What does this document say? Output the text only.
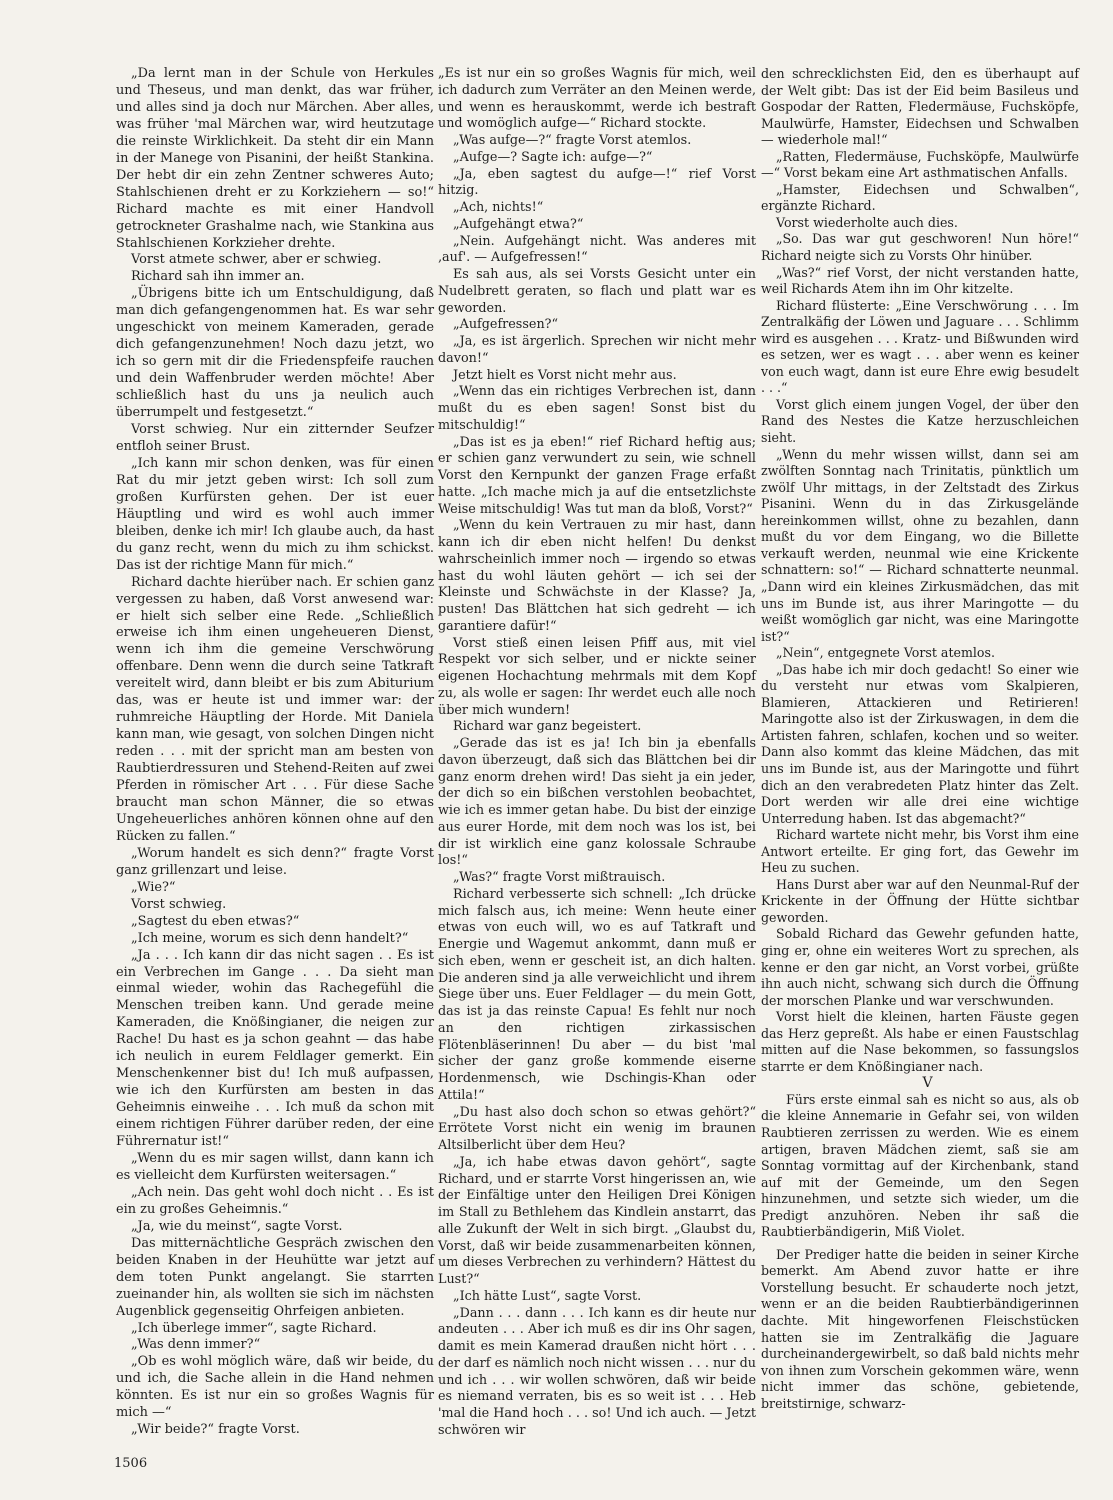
„Da lernt man in der Schule von Herkules und Theseus, und man denkt, das war früher, und alles sind ja doch nur Märchen. Aber alles, was früher 'mal Märchen war, wird heutzutage die reinste Wirklichkeit. Da steht dir ein Mann in der Manege von Pisanini, der heißt Stankina. Der hebt dir ein zehn Zentner schweres Auto; Stahlschienen dreht er zu Korkziehern — so!“ Richard machte es mit einer Handvoll getrockneter Grashalme nach, wie Stankina aus Stahlschienen Korkzieher drehte.

Vorst atmete schwer, aber er schwieg.

Richard sah ihn immer an.

„Übrigens bitte ich um Entschuldigung, daß man dich gefangengenommen hat. Es war sehr ungeschickt von meinem Kameraden, gerade dich gefangenzunehmen! Noch dazu jetzt, wo ich so gern mit dir die Friedenspfeife rauchen und dein Waffenbruder werden möchte! Aber schließlich hast du uns ja neulich auch überrumpelt und festgesetzt.“

Vorst schwieg. Nur ein zitternder Seufzer entfloh seiner Brust.

„Ich kann mir schon denken, was für einen Rat du mir jetzt geben wirst: Ich soll zum großen Kurfürsten gehen. Der ist euer Häuptling und wird es wohl auch immer bleiben, denke ich mir! Ich glaube auch, da hast du ganz recht, wenn du mich zu ihm schickst. Das ist der richtige Mann für mich.“

Richard dachte hierüber nach. Er schien ganz vergessen zu haben, daß Vorst anwesend war: er hielt sich selber eine Rede. „Schließlich erweise ich ihm einen ungeheueren Dienst, wenn ich ihm die gemeine Verschwörung offenbare. Denn wenn die durch seine Tatkraft vereitelt wird, dann bleibt er bis zum Abiturium das, was er heute ist und immer war: der ruhmreiche Häuptling der Horde. Mit Daniela kann man, wie gesagt, von solchen Dingen nicht reden . . . mit der spricht man am besten von Raubtierdressuren und Stehend-Reiten auf zwei Pferden in römischer Art . . . Für diese Sache braucht man schon Männer, die so etwas Ungeheuerliches anhören können ohne auf den Rücken zu fallen.“

„Worum handelt es sich denn?“ fragte Vorst ganz grillenzart und leise.

„Wie?“

Vorst schwieg.

„Sagtest du eben etwas?“

„Ich meine, worum es sich denn handelt?“

„Ja . . . Ich kann dir das nicht sagen . . Es ist ein Verbrechen im Gange . . . Da sieht man einmal wieder, wohin das Rachegefühl die Menschen treiben kann. Und gerade meine Kameraden, die Knößingianer, die neigen zur Rache! Du hast es ja schon geahnt — das habe ich neulich in eurem Feldlager gemerkt. Ein Menschenkenner bist du! Ich muß aufpassen, wie ich den Kurfürsten am besten in das Geheimnis einweihe . . . Ich muß da schon mit einem richtigen Führer darüber reden, der eine Führernatur ist!“

„Wenn du es mir sagen willst, dann kann ich es vielleicht dem Kurfürsten weitersagen.“

„Ach nein. Das geht wohl doch nicht . . Es ist ein zu großes Geheimnis.“

„Ja, wie du meinst“, sagte Vorst.

Das mitternächtliche Gespräch zwischen den beiden Knaben in der Heuhütte war jetzt auf dem toten Punkt angelangt. Sie starrten zueinander hin, als wollten sie sich im nächsten Augenblick gegenseitig Ohrfeigen anbieten.

„Ich überlege immer“, sagte Richard.

„Was denn immer?“

„Ob es wohl möglich wäre, daß wir beide, du und ich, die Sache allein in die Hand nehmen könnten. Es ist nur ein so großes Wagnis für mich —“

„Wir beide?“ fragte Vorst.

„Es ist nur ein so großes Wagnis für mich, weil ich dadurch zum Verräter an den Meinen werde, und wenn es herauskommt, werde ich bestraft und womöglich aufge—“ Richard stockte.

„Was aufge—?“ fragte Vorst atemlos.

„Aufge—? Sagte ich: aufge—?“

„Ja, eben sagtest du aufge—!“ rief Vorst hitzig.

„Ach, nichts!“

„Aufgehängt etwa?“

„Nein. Aufgehängt nicht. Was anderes mit ‚auf'. — Aufgefressen!“

Es sah aus, als sei Vorsts Gesicht unter ein Nudelbrett geraten, so flach und platt war es geworden.

„Aufgefressen?“

„Ja, es ist ärgerlich. Sprechen wir nicht mehr davon!“

Jetzt hielt es Vorst nicht mehr aus.

„Wenn das ein richtiges Verbrechen ist, dann mußt du es eben sagen! Sonst bist du mitschuldig!“

„Das ist es ja eben!“ rief Richard heftig aus; er schien ganz verwundert zu sein, wie schnell Vorst den Kernpunkt der ganzen Frage erfaßt hatte. „Ich mache mich ja auf die entsetzlichste Weise mitschuldig! Was tut man da bloß, Vorst?“

„Wenn du kein Vertrauen zu mir hast, dann kann ich dir eben nicht helfen! Du denkst wahrscheinlich immer noch — irgendo so etwas hast du wohl läuten gehört — ich sei der Kleinste und Schwächste in der Klasse? Ja, pusten! Das Blättchen hat sich gedreht — ich garantiere dafür!“

Vorst stieß einen leisen Pfiff aus, mit viel Respekt vor sich selber, und er nickte seiner eigenen Hochachtung mehrmals mit dem Kopf zu, als wolle er sagen: Ihr werdet euch alle noch über mich wundern!

Richard war ganz begeistert.

„Gerade das ist es ja! Ich bin ja ebenfalls davon überzeugt, daß sich das Blättchen bei dir ganz enorm drehen wird! Das sieht ja ein jeder, der dich so ein bißchen verstohlen beobachtet, wie ich es immer getan habe. Du bist der einzige aus eurer Horde, mit dem noch was los ist, bei dir ist wirklich eine ganz kolossale Schraube los!“

„Was?“ fragte Vorst mißtrauisch.

Richard verbesserte sich schnell: „Ich drücke mich falsch aus, ich meine: Wenn heute einer etwas von euch will, wo es auf Tatkraft und Energie und Wagemut ankommt, dann muß er sich eben, wenn er gescheit ist, an dich halten. Die anderen sind ja alle verweichlicht und ihrem Siege über uns. Euer Feldlager — du mein Gott, das ist ja das reinste Capua! Es fehlt nur noch an den richtigen zirkassischen Flötenbläserinnen! Du aber — du bist 'mal sicher der ganz große kommende eiserne Hordenmensch, wie Dschingis-Khan oder Attila!“

„Du hast also doch schon so etwas gehört?“ Errötete Vorst nicht ein wenig im braunen Altsilberlicht über dem Heu?

„Ja, ich habe etwas davon gehört“, sagte Richard, und er starrte Vorst hingerissen an, wie der Einfältige unter den Heiligen Drei Königen im Stall zu Bethlehem das Kindlein anstarrt, das alle Zukunft der Welt in sich birgt. „Glaubst du, Vorst, daß wir beide zusammenarbeiten können, um dieses Verbrechen zu verhindern? Hättest du Lust?“

„Ich hätte Lust“, sagte Vorst.

„Dann . . . dann . . . Ich kann es dir heute nur andeuten . . . Aber ich muß es dir ins Ohr sagen, damit es mein Kamerad draußen nicht hört . . . der darf es nämlich noch nicht wissen . . . nur du und ich . . . wir wollen schwören, daß wir beide es niemand verraten, bis es so weit ist . . . Heb 'mal die Hand hoch . . . so! Und ich auch. — Jetzt schwören wir

den schrecklichsten Eid, den es überhaupt auf der Welt gibt: Das ist der Eid beim Basileus und Gospodar der Ratten, Fledermäuse, Fuchsköpfe, Maulwürfe, Hamster, Eidechsen und Schwalben — wiederhole mal!“

„Ratten, Fledermäuse, Fuchsköpfe, Maulwürfe —“ Vorst bekam eine Art asthmatischen Anfalls.

„Hamster, Eidechsen und Schwalben“, ergänzte Richard.

Vorst wiederholte auch dies.

„So. Das war gut geschworen! Nun höre!“ Richard neigte sich zu Vorsts Ohr hinüber.

„Was?“ rief Vorst, der nicht verstanden hatte, weil Richards Atem ihn im Ohr kitzelte.

Richard flüsterte: „Eine Verschwörung . . . Im Zentralkäfig der Löwen und Jaguare . . . Schlimm wird es ausgehen . . . Kratz- und Bißwunden wird es setzen, wer es wagt . . . aber wenn es keiner von euch wagt, dann ist eure Ehre ewig besudelt . . .“

Vorst glich einem jungen Vogel, der über den Rand des Nestes die Katze herzuschleichen sieht.

„Wenn du mehr wissen willst, dann sei am zwölften Sonntag nach Trinitatis, pünktlich um zwölf Uhr mittags, in der Zeltstadt des Zirkus Pisanini. Wenn du in das Zirkusgelände hereinkommen willst, ohne zu bezahlen, dann mußt du vor dem Eingang, wo die Billette verkauft werden, neunmal wie eine Krickente schnattern: so!“ — Richard schnatterte neunmal. „Dann wird ein kleines Zirkusmädchen, das mit uns im Bunde ist, aus ihrer Maringotte — du weißt womöglich gar nicht, was eine Maringotte ist?“

„Nein“, entgegnete Vorst atemlos.

„Das habe ich mir doch gedacht! So einer wie du versteht nur etwas vom Skalpieren, Blamieren, Attackieren und Retirieren! Maringotte also ist der Zirkuswagen, in dem die Artisten fahren, schlafen, kochen und so weiter. Dann also kommt das kleine Mädchen, das mit uns im Bunde ist, aus der Maringotte und führt dich an den verabredeten Platz hinter das Zelt. Dort werden wir alle drei eine wichtige Unterredung haben. Ist das abgemacht?“

Richard wartete nicht mehr, bis Vorst ihm eine Antwort erteilte. Er ging fort, das Gewehr im Heu zu suchen.

Hans Durst aber war auf den Neunmal-Ruf der Krickente in der Öffnung der Hütte sichtbar geworden.

Sobald Richard das Gewehr gefunden hatte, ging er, ohne ein weiteres Wort zu sprechen, als kenne er den gar nicht, an Vorst vorbei, grüßte ihn auch nicht, schwang sich durch die Öffnung der morschen Planke und war verschwunden.

Vorst hielt die kleinen, harten Fäuste gegen das Herz gepreßt. Als habe er einen Faustschlag mitten auf die Nase bekommen, so fassungslos starrte er dem Knößingianer nach.

V

Fürs erste einmal sah es nicht so aus, als ob die kleine Annemarie in Gefahr sei, von wilden Raubtieren zerrissen zu werden. Wie es einem artigen, braven Mädchen ziemt, saß sie am Sonntag vormittag auf der Kirchenbank, stand auf mit der Gemeinde, um den Segen hinzunehmen, und setzte sich wieder, um die Predigt anzuhören. Neben ihr saß die Raubtierbändigerin, Miß Violet.

Der Prediger hatte die beiden in seiner Kirche bemerkt. Am Abend zuvor hatte er ihre Vorstellung besucht. Er schauderte noch jetzt, wenn er an die beiden Raubtierbändigerinnen dachte. Mit hingeworfenen Fleischstücken hatten sie im Zentralkäfig die Jaguare durcheinandergewirbelt, so daß bald nichts mehr von ihnen zum Vorschein gekommen wäre, wenn nicht immer das schöne, gebietende, breitstirnige, schwarz-

1506
